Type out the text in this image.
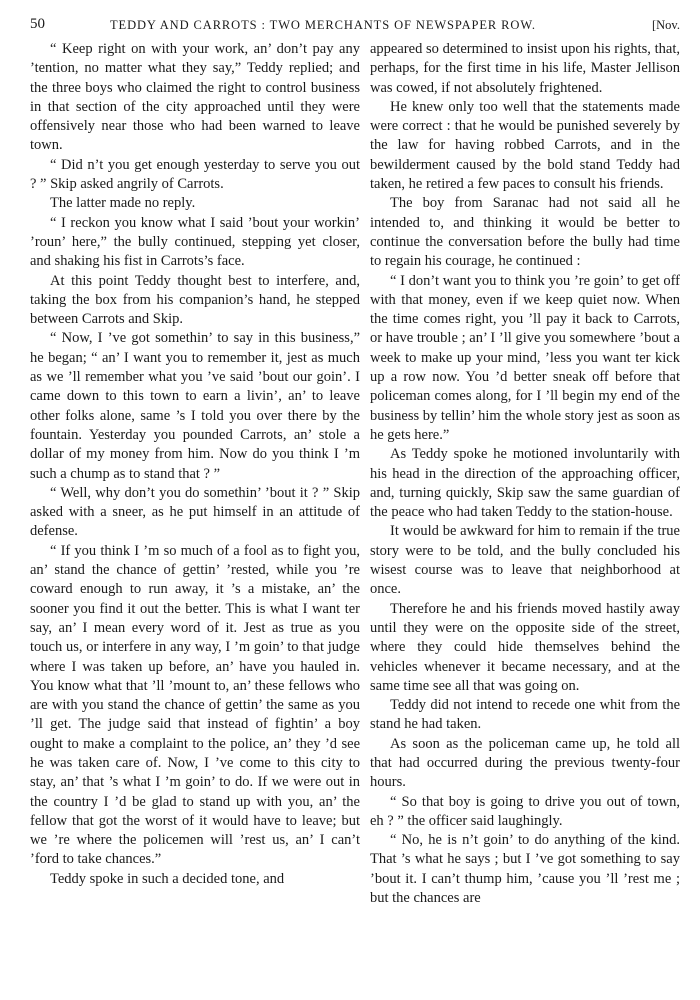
50	TEDDY AND CARROTS : TWO MERCHANTS OF NEWSPAPER ROW.	[Nov.

“ Keep right on with your work, an’ don’t pay any ’tention, no matter what they say,” Teddy replied; and the three boys who claimed the right to control business in that section of the city approached until they were offensively near those who had been warned to leave town.

“ Did n’t you get enough yesterday to serve you out ? ” Skip asked angrily of Carrots.

The latter made no reply.

“ I reckon you know what I said ’bout your workin’ ’roun’ here,” the bully continued, stepping yet closer, and shaking his fist in Carrots’s face.

At this point Teddy thought best to interfere, and, taking the box from his companion’s hand, he stepped between Carrots and Skip.

“ Now, I ’ve got somethin’ to say in this business,” he began; “ an’ I want you to remember it, jest as much as we ’ll remember what you ’ve said ’bout our goin’. I came down to this town to earn a livin’, an’ to leave other folks alone, same ’s I told you over there by the fountain. Yesterday you pounded Carrots, an’ stole a dollar of my money from him. Now do you think I ’m such a chump as to stand that ? ”

“ Well, why don’t you do somethin’ ’bout it ? ” Skip asked with a sneer, as he put himself in an attitude of defense.

“ If you think I ’m so much of a fool as to fight you, an’ stand the chance of gettin’ ’rested, while you ’re coward enough to run away, it ’s a mistake, an’ the sooner you find it out the better. This is what I want ter say, an’ I mean every word of it. Jest as true as you touch us, or interfere in any way, I ’m goin’ to that judge where I was taken up before, an’ have you hauled in. You know what that ’ll ’mount to, an’ these fellows who are with you stand the chance of gettin’ the same as you ’ll get. The judge said that instead of fightin’ a boy ought to make a complaint to the police, an’ they ’d see he was taken care of. Now, I ’ve come to this city to stay, an’ that ’s what I ’m goin’ to do. If we were out in the country I ’d be glad to stand up with you, an’ the fellow that got the worst of it would have to leave; but we ’re where the policemen will ’rest us, an’ I can’t ’ford to take chances.”

Teddy spoke in such a decided tone, and

appeared so determined to insist upon his rights, that, perhaps, for the first time in his life, Master Jellison was cowed, if not absolutely frightened.

He knew only too well that the statements made were correct : that he would be punished severely by the law for having robbed Carrots, and in the bewilderment caused by the bold stand Teddy had taken, he retired a few paces to consult his friends.

The boy from Saranac had not said all he intended to, and thinking it would be better to continue the conversation before the bully had time to regain his courage, he continued :

“ I don’t want you to think you ’re goin’ to get off with that money, even if we keep quiet now. When the time comes right, you ’ll pay it back to Carrots, or have trouble ; an’ I ’ll give you somewhere ’bout a week to make up your mind, ’less you want ter kick up a row now. You ’d better sneak off before that policeman comes along, for I ’ll begin my end of the business by tellin’ him the whole story jest as soon as he gets here.”

As Teddy spoke he motioned involuntarily with his head in the direction of the approaching officer, and, turning quickly, Skip saw the same guardian of the peace who had taken Teddy to the station-house.

It would be awkward for him to remain if the true story were to be told, and the bully concluded his wisest course was to leave that neighborhood at once.

Therefore he and his friends moved hastily away until they were on the opposite side of the street, where they could hide themselves behind the vehicles whenever it became necessary, and at the same time see all that was going on.

Teddy did not intend to recede one whit from the stand he had taken.

As soon as the policeman came up, he told all that had occurred during the previous twenty-four hours.

“ So that boy is going to drive you out of town, eh ? ” the officer said laughingly.

“ No, he is n’t goin’ to do anything of the kind. That ’s what he says ; but I ’ve got something to say ’bout it. I can’t thump him, ’cause you ’ll ’rest me ; but the chances are
